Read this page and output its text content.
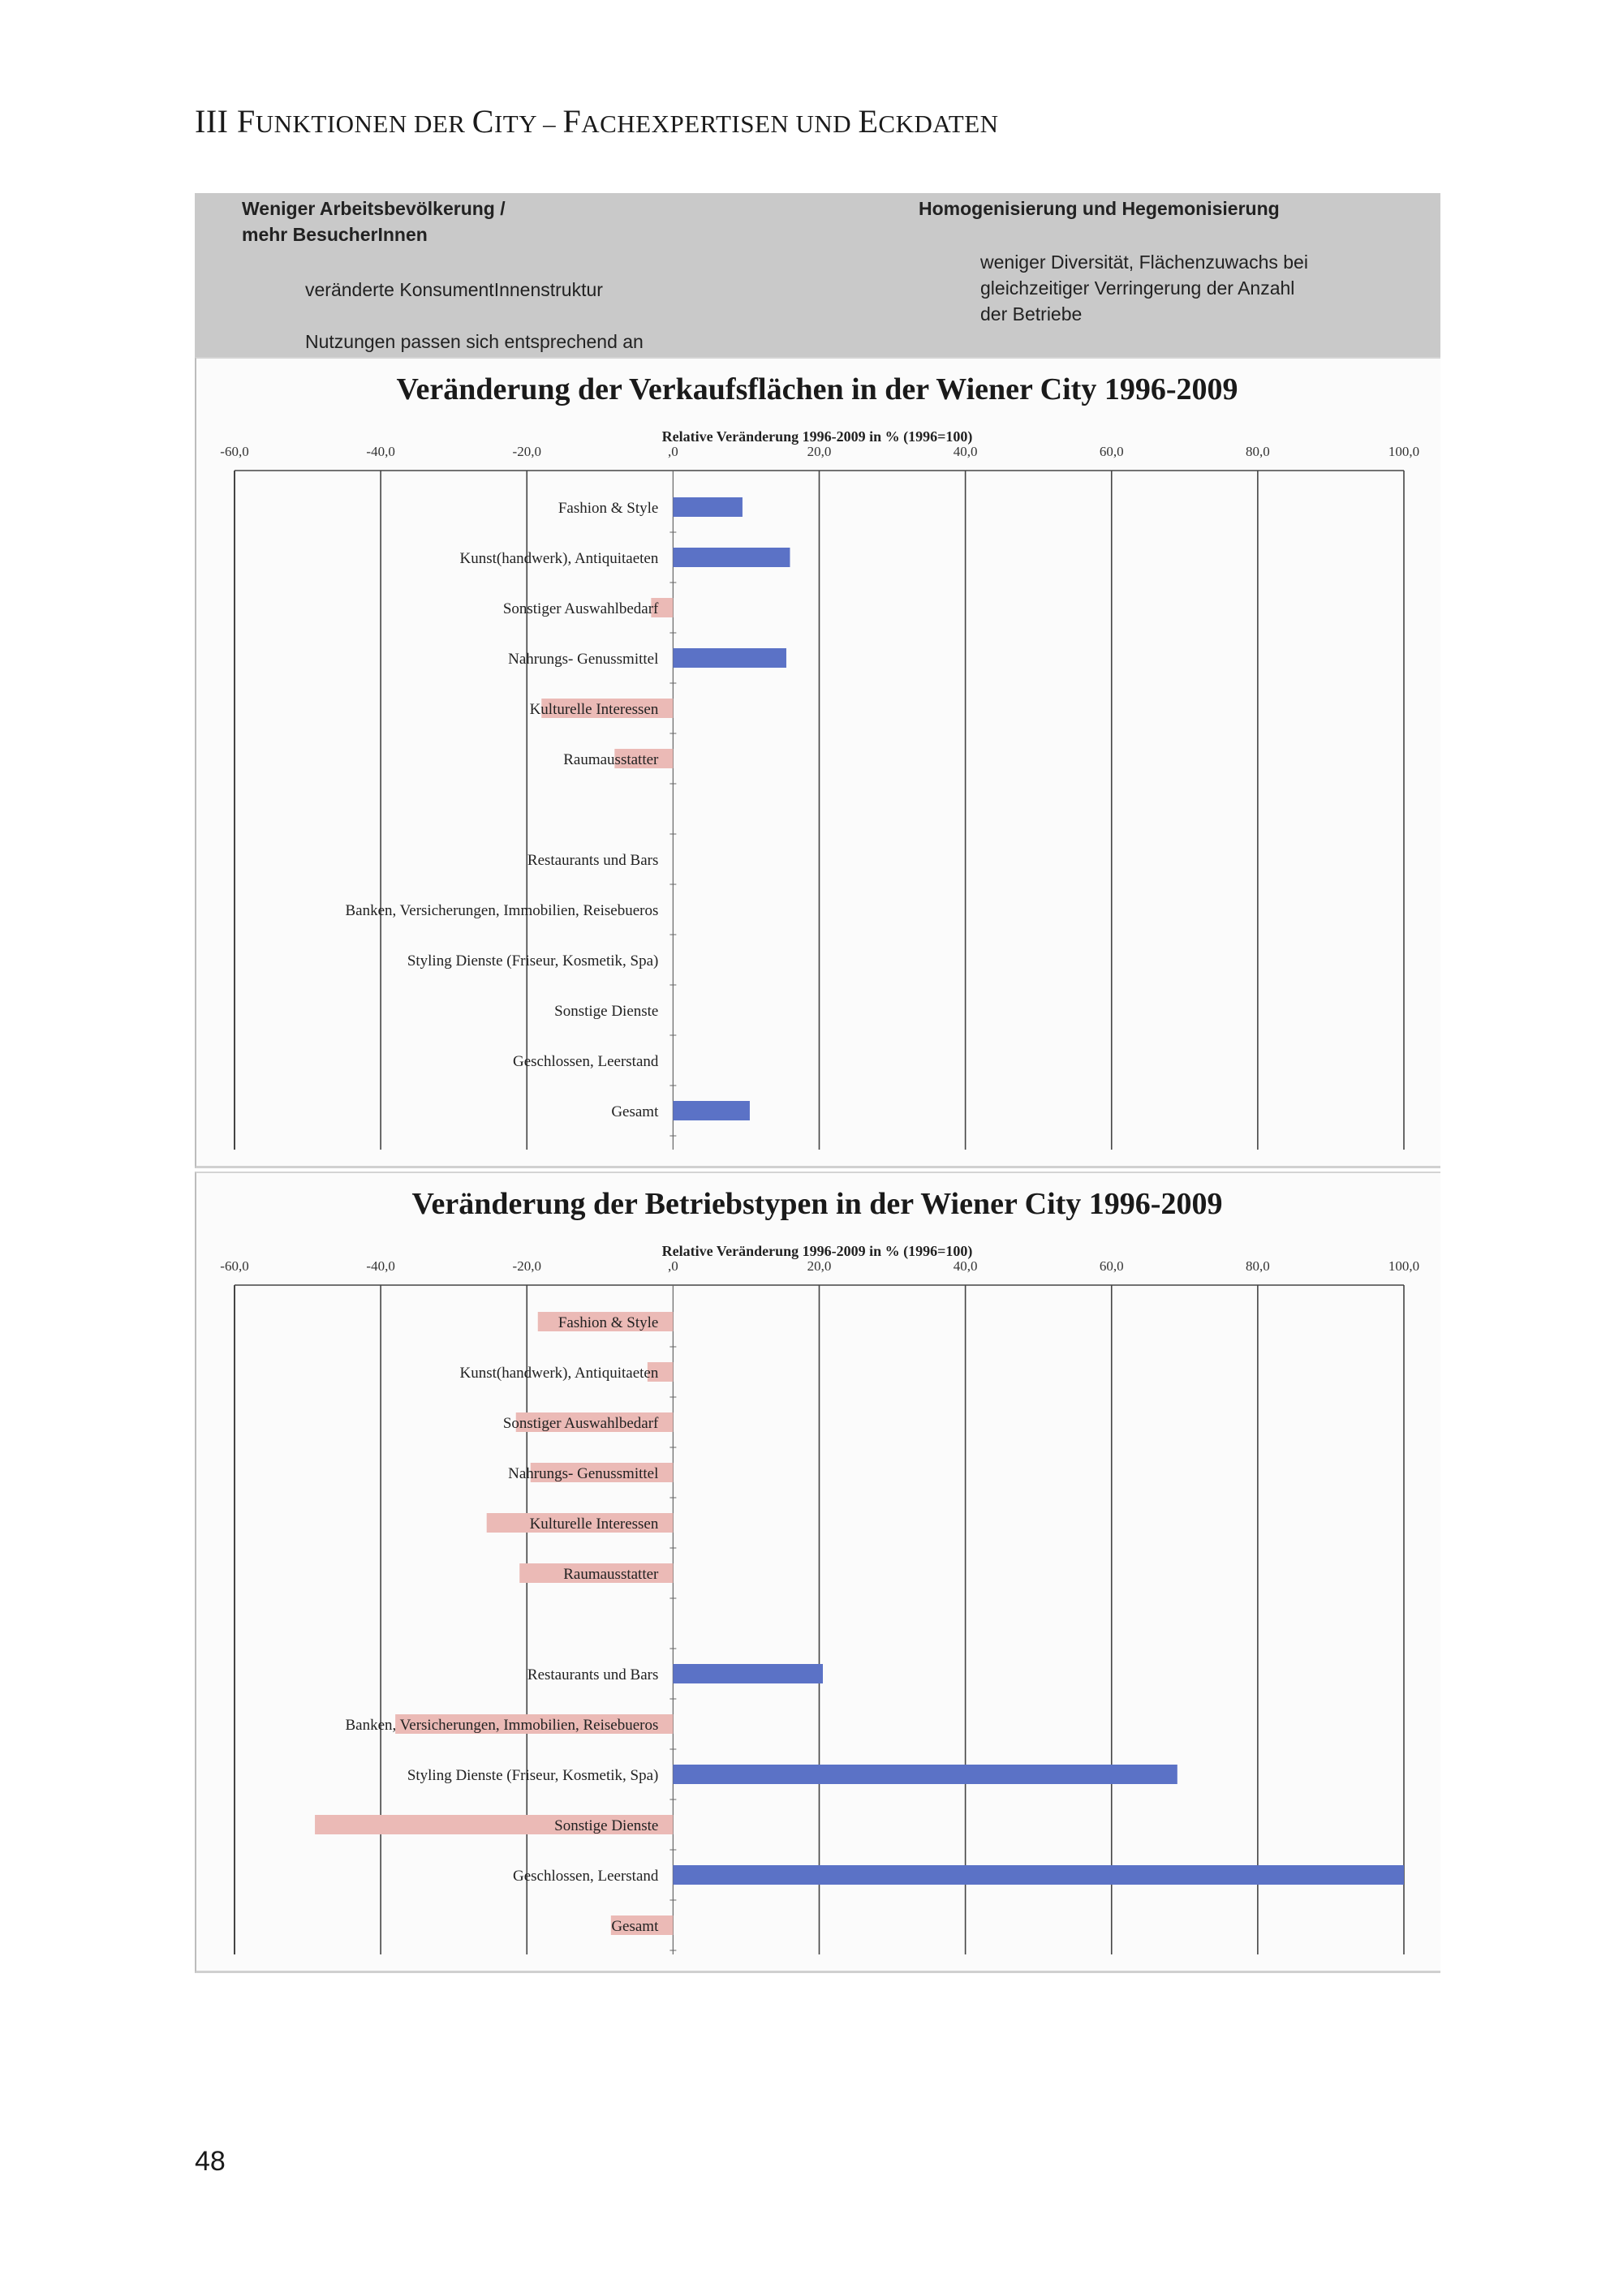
III FUNKTIONEN DER CITY – FACHEXPERTISEN UND ECKDATEN
Weniger Arbeitsbevölkerung /
mehr BesucherInnen
veränderte KonsumentInnenstruktur
Nutzungen passen sich entsprechend an
Homogenisierung und Hegemonisierung
weniger Diversität, Flächenzuwachs bei
gleichzeitiger Verringerung der Anzahl
der Betriebe
Veränderung der Verkaufsflächen in der Wiener City 1996-2009
Relative Veränderung 1996-2009 in % (1996=100)
-60,0	-40,0	-20,0	,0	20,0	40,0	60,0	80,0	100,0
Fashion & Style
Kunst(handwerk), Antiquitaeten
Sonstiger Auswahlbedarf
Nahrungs- Genussmittel
Kulturelle Interessen
Raumausstatter
Restaurants und Bars
Banken, Versicherungen, Immobilien, Reisebueros
Styling Dienste (Friseur, Kosmetik, Spa)
Sonstige Dienste
Geschlossen, Leerstand
Gesamt
Veränderung der Betriebstypen in der Wiener City 1996-2009
Relative Veränderung 1996-2009 in % (1996=100)
-60,0	-40,0	-20,0	,0	20,0	40,0	60,0	80,0	100,0
Fashion & Style
Kunst(handwerk), Antiquitaeten
Sonstiger Auswahlbedarf
Nahrungs- Genussmittel
Kulturelle Interessen
Raumausstatter
Restaurants und Bars
Banken, Versicherungen, Immobilien, Reisebueros
Styling Dienste (Friseur, Kosmetik, Spa)
Sonstige Dienste
Geschlossen, Leerstand
Gesamt
48
